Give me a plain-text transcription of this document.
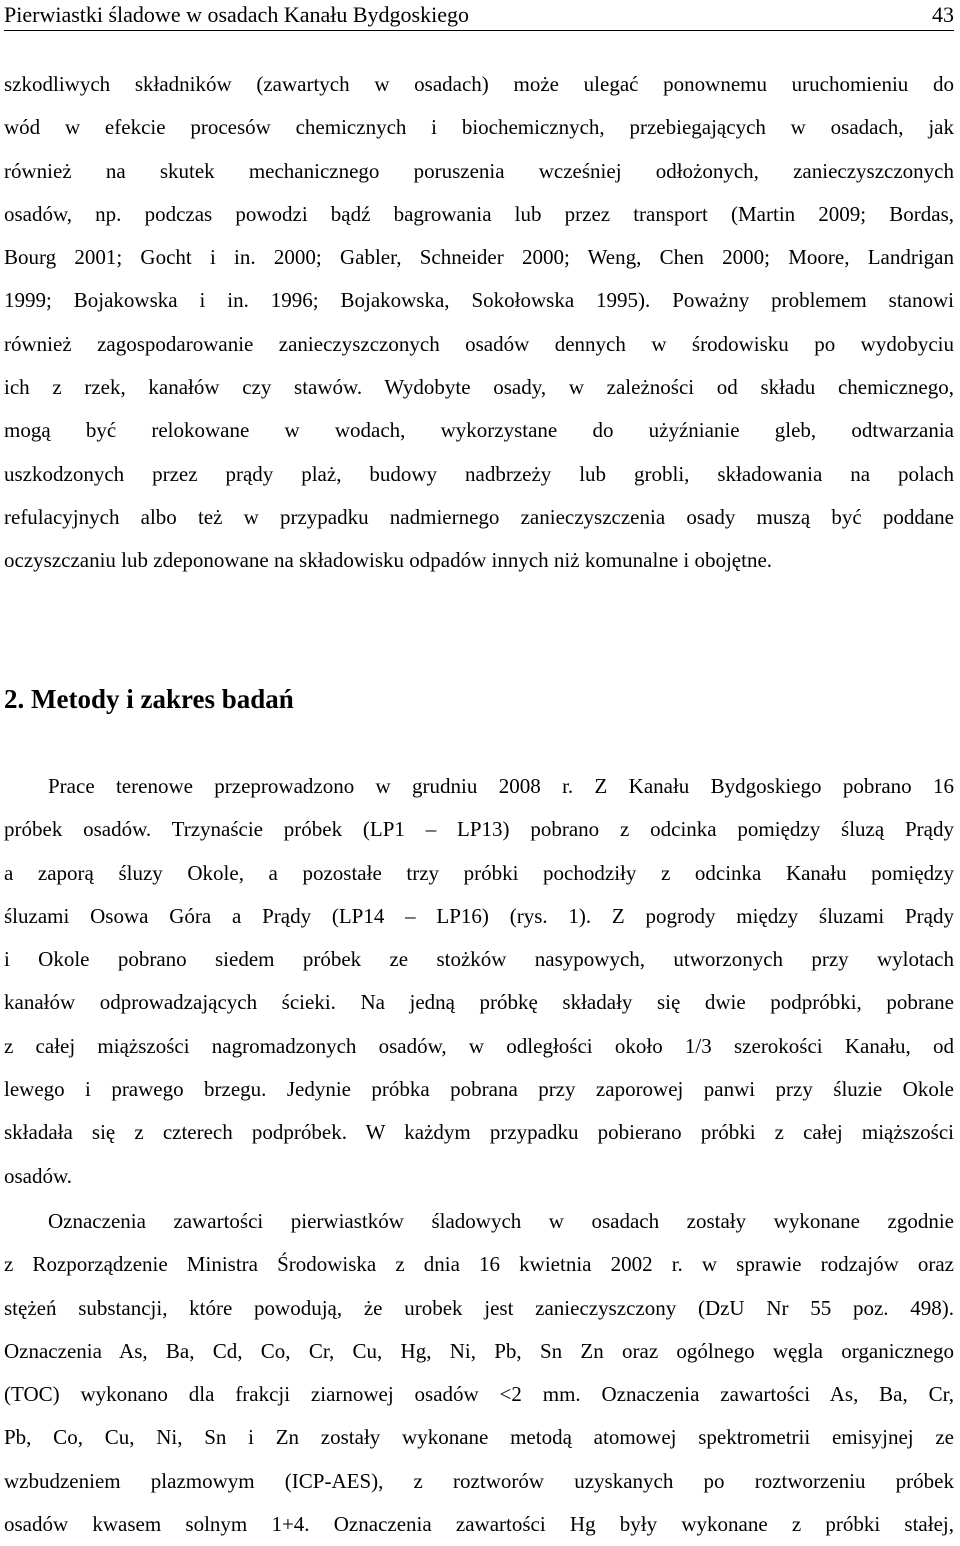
Pierwiastki śladowe w osadach Kanału Bydgoskiego	43
szkodliwych składników (zawartych w osadach) może ulegać ponownemu uruchomieniu do
wód w efekcie procesów chemicznych i biochemicznych, przebiegających w osadach, jak
również na skutek mechanicznego poruszenia wcześniej odłożonych, zanieczyszczonych
osadów, np. podczas powodzi bądź bagrowania lub przez transport (Martin 2009; Bordas,
Bourg 2001; Gocht i in. 2000; Gabler, Schneider 2000; Weng, Chen 2000; Moore, Landrigan
1999; Bojakowska i in. 1996; Bojakowska, Sokołowska 1995). Poważny problemem stanowi
również zagospodarowanie zanieczyszczonych osadów dennych w środowisku po wydobyciu
ich z rzek, kanałów czy stawów. Wydobyte osady, w zależności od składu chemicznego,
mogą być relokowane w wodach, wykorzystane do użyźnianie gleb, odtwarzania
uszkodzonych przez prądy plaż, budowy nadbrzeży lub grobli, składowania na polach
refulacyjnych albo też w przypadku nadmiernego zanieczyszczenia osady muszą być poddane
oczyszczaniu lub zdeponowane na składowisku odpadów innych niż komunalne i obojętne.
2. Metody i zakres badań
Prace terenowe przeprowadzono w grudniu 2008 r. Z Kanału Bydgoskiego pobrano 16
próbek osadów. Trzynaście próbek (LP1 – LP13) pobrano z odcinka pomiędzy śluzą Prądy
a zaporą śluzy Okole, a pozostałe trzy próbki pochodziły z odcinka Kanału pomiędzy
śluzami Osowa Góra a Prądy (LP14 – LP16) (rys. 1). Z pogrody między śluzami Prądy
i Okole pobrano siedem próbek ze stożków nasypowych, utworzonych przy wylotach
kanałów odprowadzających ścieki. Na jedną próbkę składały się dwie podpróbki, pobrane
z całej miąższości nagromadzonych osadów, w odległości około 1/3 szerokości Kanału, od
lewego i prawego brzegu. Jedynie próbka pobrana przy zaporowej panwi przy śluzie Okole
składała się z czterech podpróbek. W każdym przypadku pobierano próbki z całej miąższości
osadów.
Oznaczenia zawartości pierwiastków śladowych w osadach zostały wykonane zgodnie
z Rozporządzenie Ministra Środowiska z dnia 16 kwietnia 2002 r. w sprawie rodzajów oraz
stężeń substancji, które powodują, że urobek jest zanieczyszczony (DzU Nr 55 poz. 498).
Oznaczenia As, Ba, Cd, Co, Cr, Cu, Hg, Ni, Pb, Sn Zn oraz ogólnego węgla organicznego
(TOC) wykonano dla frakcji ziarnowej osadów <2 mm. Oznaczenia zawartości As, Ba, Cr,
Pb, Co, Cu, Ni, Sn i Zn zostały wykonane metodą atomowej spektrometrii emisyjnej ze
wzbudzeniem plazmowym (ICP-AES), z roztworów uzyskanych po roztworzeniu próbek
osadów kwasem solnym 1+4. Oznaczenia zawartości Hg były wykonane z próbki stałej,
